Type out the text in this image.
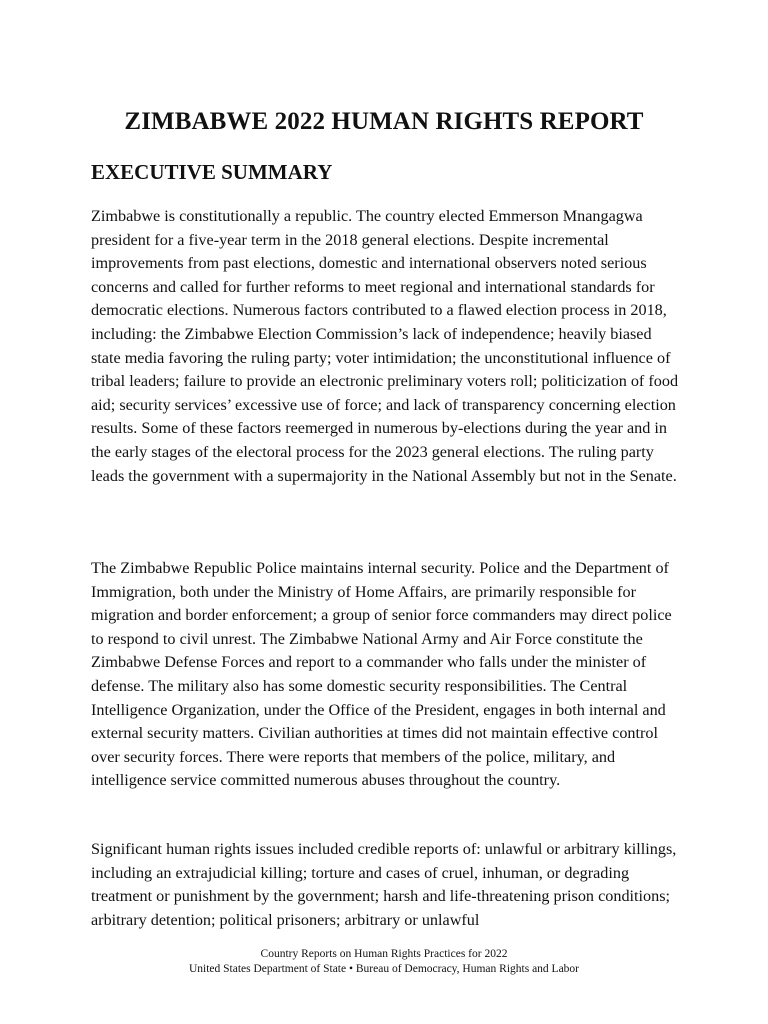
ZIMBABWE 2022 HUMAN RIGHTS REPORT
EXECUTIVE SUMMARY

Zimbabwe is constitutionally a republic. The country elected Emmerson Mnangagwa president for a five-year term in the 2018 general elections. Despite incremental improvements from past elections, domestic and international observers noted serious concerns and called for further reforms to meet regional and international standards for democratic elections. Numerous factors contributed to a flawed election process in 2018, including: the Zimbabwe Election Commission’s lack of independence; heavily biased state media favoring the ruling party; voter intimidation; the unconstitutional influence of tribal leaders; failure to provide an electronic preliminary voters roll; politicization of food aid; security services’ excessive use of force; and lack of transparency concerning election results. Some of these factors reemerged in numerous by-elections during the year and in the early stages of the electoral process for the 2023 general elections. The ruling party leads the government with a supermajority in the National Assembly but not in the Senate.

The Zimbabwe Republic Police maintains internal security. Police and the Department of Immigration, both under the Ministry of Home Affairs, are primarily responsible for migration and border enforcement; a group of senior force commanders may direct police to respond to civil unrest. The Zimbabwe National Army and Air Force constitute the Zimbabwe Defense Forces and report to a commander who falls under the minister of defense. The military also has some domestic security responsibilities. The Central Intelligence Organization, under the Office of the President, engages in both internal and external security matters. Civilian authorities at times did not maintain effective control over security forces. There were reports that members of the police, military, and intelligence service committed numerous abuses throughout the country.

Significant human rights issues included credible reports of: unlawful or arbitrary killings, including an extrajudicial killing; torture and cases of cruel, inhuman, or degrading treatment or punishment by the government; harsh and life-threatening prison conditions; arbitrary detention; political prisoners; arbitrary or unlawful

Country Reports on Human Rights Practices for 2022
United States Department of State • Bureau of Democracy, Human Rights and Labor
